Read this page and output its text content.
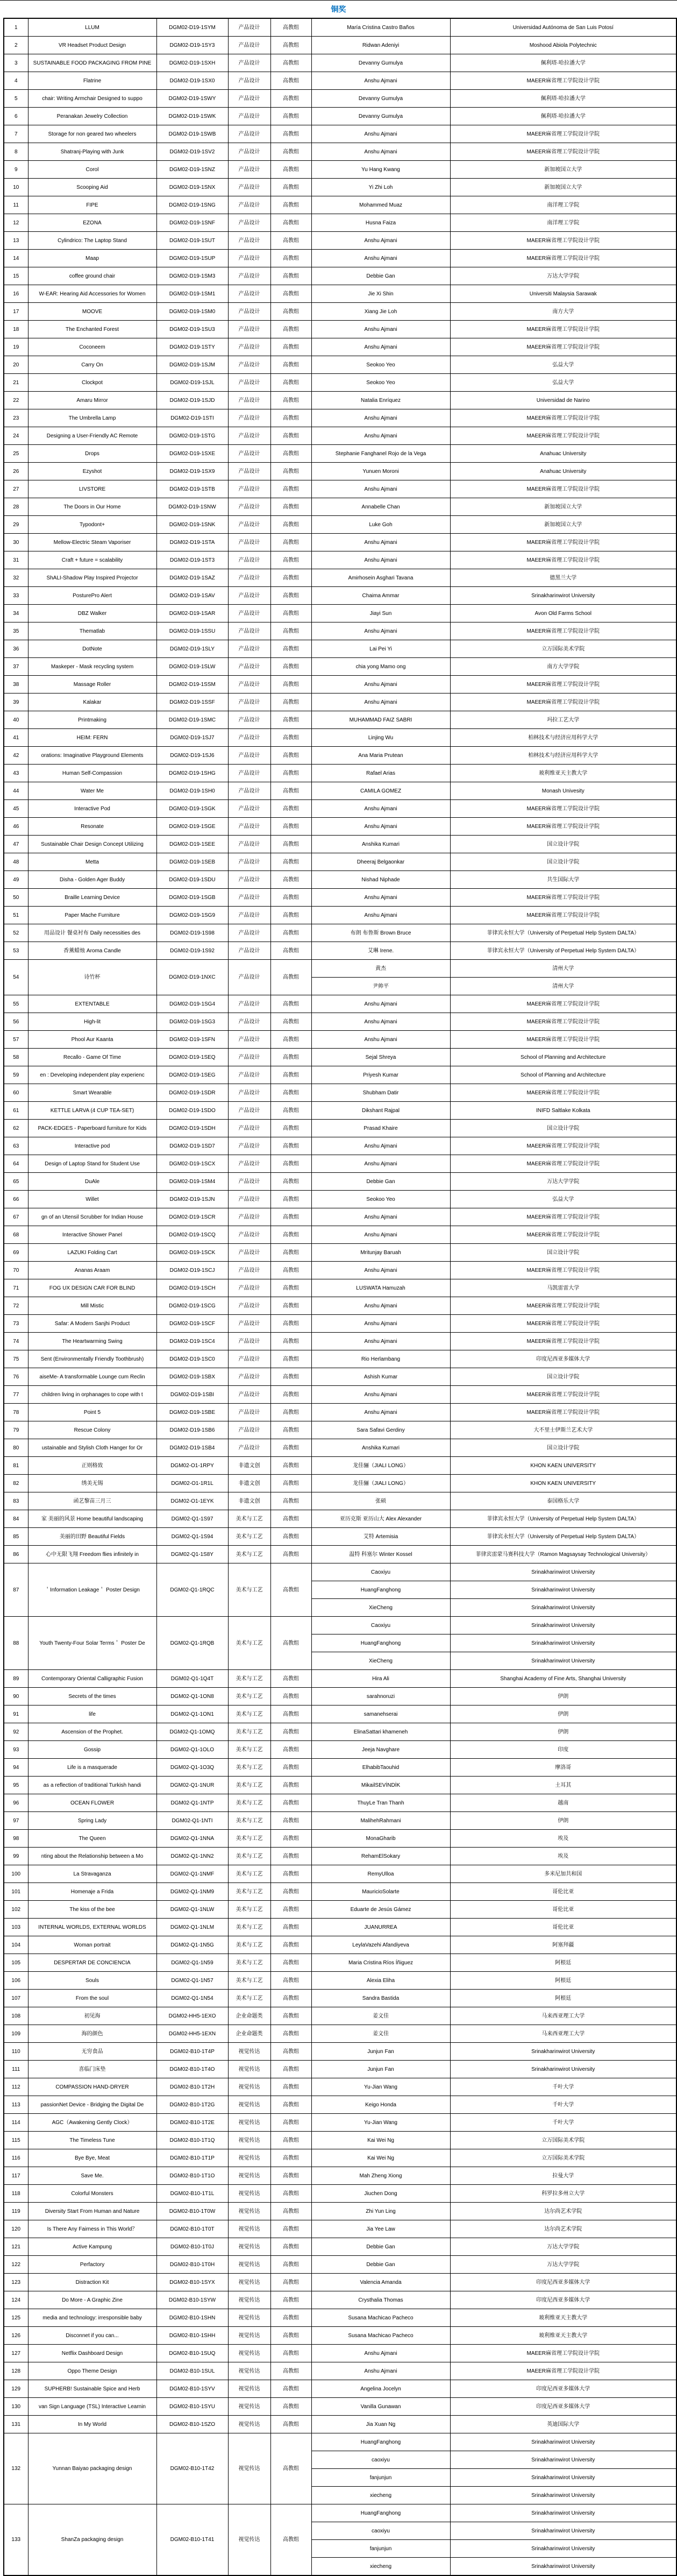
铜奖
1	LLUM	DGM02-D19-1SYM	产品设计	高教组	María Cristina Castro Baños	Universidad Autónoma de San Luis Potosí
2	VR Headset Product Design	DGM02-D19-1SY3	产品设计	高教组	Ridwan Adeniyi	Moshood Abiola Polytechnic
3	SUSTAINABLE FOOD PACKAGING FROM PINE	DGM02-D19-1SXH	产品设计	高教组	Devanny Gumulya	佩利塔·哈拉潘大学
4	Flatrine	DGM02-D19-1SX0	产品设计	高教组	Anshu Ajmani	MAEER麻省理工学院设计学院
5	chair: Writing Armchair Designed to suppo	DGM02-D19-1SWY	产品设计	高教组	Devanny Gumulya	佩利塔·哈拉潘大学
6	Peranakan Jewelry Collection	DGM02-D19-1SWK	产品设计	高教组	Devanny Gumulya	佩利塔·哈拉潘大学
7	Storage for non geared two wheelers	DGM02-D19-1SWB	产品设计	高教组	Anshu Ajmani	MAEER麻省理工学院设计学院
8	Shatranj-Playing with Junk	DGM02-D19-1SV2	产品设计	高教组	Anshu Ajmani	MAEER麻省理工学院设计学院
9	Corol	DGM02-D19-1SNZ	产品设计	高教组	Yu Hang Kwang	新加坡国立大学
10	Scooping Aid	DGM02-D19-1SNX	产品设计	高教组	Yi Zhi Loh	新加坡国立大学
11	FIPE	DGM02-D19-1SNG	产品设计	高教组	Mohammed Muaz	南洋理工学院
12	EZONA	DGM02-D19-1SNF	产品设计	高教组	Husna Faiza	南洋理工学院
13	Cylindrico: The Laptop Stand	DGM02-D19-1SUT	产品设计	高教组	Anshu Ajmani	MAEER麻省理工学院设计学院
14	Maap	DGM02-D19-1SUP	产品设计	高教组	Anshu Ajmani	MAEER麻省理工学院设计学院
15	coffee ground chair	DGM02-D19-1SM3	产品设计	高教组	Debbie Gan	万达大学学院
16	W-EAR: Hearing Aid Accessories for Women	DGM02-D19-1SM1	产品设计	高教组	Jie Xi Shin	Universiti Malaysia Sarawak
17	MOOVE	DGM02-D19-1SM0	产品设计	高教组	Xiang Jie Loh	南方大学
18	The Enchanted Forest	DGM02-D19-1SU3	产品设计	高教组	Anshu Ajmani	MAEER麻省理工学院设计学院
19	Coconeem	DGM02-D19-1STY	产品设计	高教组	Anshu Ajmani	MAEER麻省理工学院设计学院
20	Carry On	DGM02-D19-1SJM	产品设计	高教组	Seokoo Yeo	弘益大学
21	Clockpot	DGM02-D19-1SJL	产品设计	高教组	Seokoo Yeo	弘益大学
22	Amaru Mirror	DGM02-D19-1SJD	产品设计	高教组	Natalia Enríquez	Universidad de Narino
23	The Umbrella Lamp	DGM02-D19-1STI	产品设计	高教组	Anshu Ajmani	MAEER麻省理工学院设计学院
24	Designing a User-Friendly AC Remote	DGM02-D19-1STG	产品设计	高教组	Anshu Ajmani	MAEER麻省理工学院设计学院
25	Drops	DGM02-D19-1SXE	产品设计	高教组	Stephanie Fanghanel Rojo de la Vega	Anahuac University
26	Ezyshot	DGM02-D19-1SX9	产品设计	高教组	Yunuen Moroni	Anahuac University
27	LIVSTORE	DGM02-D19-1STB	产品设计	高教组	Anshu Ajmani	MAEER麻省理工学院设计学院
28	The Doors in Our Home	DGM02-D19-1SNW	产品设计	高教组	Annabelle Chan	新加坡国立大学
29	Typodont+	DGM02-D19-1SNK	产品设计	高教组	Luke Goh	新加坡国立大学
30	Mellow-Electric Steam Vaporiser	DGM02-D19-1STA	产品设计	高教组	Anshu Ajmani	MAEER麻省理工学院设计学院
31	Craft + future = scalability	DGM02-D19-1ST3	产品设计	高教组	Anshu Ajmani	MAEER麻省理工学院设计学院
32	ShALI-Shadow Play Inspired Projector	DGM02-D19-1SAZ	产品设计	高教组	Amirhosein Asghari Tavana	德黑兰大学
33	PosturePro Alert	DGM02-D19-1SAV	产品设计	高教组	Chaima Ammar	Srinakharinwirot University
34	DBZ Walker	DGM02-D19-1SAR	产品设计	高教组	Jiayi Sun	Avon Old Farms School
35	Thematlab	DGM02-D19-1SSU	产品设计	高教组	Anshu Ajmani	MAEER麻省理工学院设计学院
36	DotNote	DGM02-D19-1SLY	产品设计	高教组	Lai Pei Yi	立万国际美术学院
37	Maskeper - Mask recycling system	DGM02-D19-1SLW	产品设计	高教组	chia yong Mamo ong	南方大学学院
38	Massage Roller	DGM02-D19-1SSM	产品设计	高教组	Anshu Ajmani	MAEER麻省理工学院设计学院
39	Kalakar	DGM02-D19-1SSF	产品设计	高教组	Anshu Ajmani	MAEER麻省理工学院设计学院
40	Printmaking	DGM02-D19-1SMC	产品设计	高教组	MUHAMMAD FAIZ SABRI	玛拉工艺大学
41	HEIM: FERN	DGM02-D19-1SJ7	产品设计	高教组	Linjing Wu	柏林技术与经济应用科学大学
42	orations: Imaginative Playground Elements	DGM02-D19-1SJ6	产品设计	高教组	Ana Maria Prutean	柏林技术与经济应用科学大学
43	Human Self-Compassion	DGM02-D19-1SHG	产品设计	高教组	Rafael Arias	玻利维亚天主教大学
44	Water Me	DGM02-D19-1SH0	产品设计	高教组	CAMILA GOMEZ	Monash Univesity
45	Interactive Pod	DGM02-D19-1SGK	产品设计	高教组	Anshu Ajmani	MAEER麻省理工学院设计学院
46	Resonate	DGM02-D19-1SGE	产品设计	高教组	Anshu Ajmani	MAEER麻省理工学院设计学院
47	Sustainable Chair Design Concept Utilizing	DGM02-D19-1SEE	产品设计	高教组	Anshika Kumari	国立设计学院
48	Metta	DGM02-D19-1SEB	产品设计	高教组	Dheeraj Belgaonkar	国立设计学院
49	Disha - Golden Ager Buddy	DGM02-D19-1SDU	产品设计	高教组	Nishad Niphade	共生国际大学
50	Braille Learning Device	DGM02-D19-1SGB	产品设计	高教组	Anshu Ajmani	MAEER麻省理工学院设计学院
51	Paper Mache Furniture	DGM02-D19-1SG9	产品设计	高教组	Anshu Ajmani	MAEER麻省理工学院设计学院
52	用品设计 餐桌衬布 Daily necessities des	DGM02-D19-1S98	产品设计	高教组	布朗 布鲁斯 Brown Bruce	菲律宾永恒大学（University of Perpetual Help System DALTA）
53	香薰蜡烛 Aroma Candle	DGM02-D19-1S92	产品设计	高教组	艾琳 Irene.	菲律宾永恒大学（University of Perpetual Help System DALTA）
54	诗竹杯	DGM02-D19-1NXC	产品设计	高教组	黄杰	清州大学
					尹帅平	清州大学
55	EXTENTABLE	DGM02-D19-1SG4	产品设计	高教组	Anshu Ajmani	MAEER麻省理工学院设计学院
56	High-lit	DGM02-D19-1SG3	产品设计	高教组	Anshu Ajmani	MAEER麻省理工学院设计学院
57	Phool Aur Kaanta	DGM02-D19-1SFN	产品设计	高教组	Anshu Ajmani	MAEER麻省理工学院设计学院
58	Recallo - Game Of Time	DGM02-D19-1SEQ	产品设计	高教组	Sejal Shreya	School of Planning and Architecture
59	en : Developing independent play experienc	DGM02-D19-1SEG	产品设计	高教组	Priyesh Kumar	School of Planning and Architecture
60	Smart Wearable	DGM02-D19-1SDR	产品设计	高教组	Shubham Datir	MAEER麻省理工学院设计学院
61	KETTLE LARVA (4 CUP TEA-SET)	DGM02-D19-1SDO	产品设计	高教组	Dikshant Rajpal	INIFD Saltlake Kolkata
62	PACK-EDGES - Paperboard furniture for Kids	DGM02-D19-1SDH	产品设计	高教组	Prasad Khaire	国立设计学院
63	Interactive pod	DGM02-D19-1SD7	产品设计	高教组	Anshu Ajmani	MAEER麻省理工学院设计学院
64	Design of Laptop Stand for Student Use	DGM02-D19-1SCX	产品设计	高教组	Anshu Ajmani	MAEER麻省理工学院设计学院
65	DuAle	DGM02-D19-1SM4	产品设计	高教组	Debbie Gan	万达大学学院
66	Willet	DGM02-D19-1SJN	产品设计	高教组	Seokoo Yeo	弘益大学
67	gn of an Utensil Scrubber for Indian House	DGM02-D19-1SCR	产品设计	高教组	Anshu Ajmani	MAEER麻省理工学院设计学院
68	Interactive Shower Panel	DGM02-D19-1SCQ	产品设计	高教组	Anshu Ajmani	MAEER麻省理工学院设计学院
69	LAZUKI Folding Cart	DGM02-D19-1SCK	产品设计	高教组	Mritunjay Baruah	国立设计学院
70	Ananas Araam	DGM02-D19-1SCJ	产品设计	高教组	Anshu Ajmani	MAEER麻省理工学院设计学院
71	FOG UX DESIGN CAR FOR BLIND	DGM02-D19-1SCH	产品设计	高教组	LUSWATA Hamuzah	马凯雷雷大学
72	Mill Mistic	DGM02-D19-1SCG	产品设计	高教组	Anshu Ajmani	MAEER麻省理工学院设计学院
73	Safar: A Modern Sanjhi Product	DGM02-D19-1SCF	产品设计	高教组	Anshu Ajmani	MAEER麻省理工学院设计学院
74	The Heartwarming Swing	DGM02-D19-1SC4	产品设计	高教组	Anshu Ajmani	MAEER麻省理工学院设计学院
75	Sent (Environmentally Friendly Toothbrush)	DGM02-D19-1SC0	产品设计	高教组	Rio Herlambang	印度尼西亚多媒体大学
76	aiseMe- A transformable Lounge cum Reclin	DGM02-D19-1SBX	产品设计	高教组	Ashish Kumar	国立设计学院
77	children living in orphanages to cope with t	DGM02-D19-1SBI	产品设计	高教组	Anshu Ajmani	MAEER麻省理工学院设计学院
78	Point 5	DGM02-D19-1SBE	产品设计	高教组	Anshu Ajmani	MAEER麻省理工学院设计学院
79	Rescue Colony	DGM02-D19-1SB6	产品设计	高教组	Sara Safavi Gerdiny	大不里士伊斯兰艺术大学
80	ustainable and Stylish Cloth Hanger for Or	DGM02-D19-1SB4	产品设计	高教组	Anshika Kumari	国立设计学院
81	正则格致	DGM02-O1-1RPY	非遗文创	高教组	龙佳骊（JIALI LONG）	KHON KAEN UNIVERSITY
82	绣美无锡	DGM02-O1-1R1L	非遗文创	高教组	龙佳骊（JIALI LONG）	KHON KAEN UNIVERSITY
83	函艺黎苗三月三	DGM02-O1-1EYK	非遗文创	高教组	张硕	泰国格乐大学
84	家 美丽的风景 Home beautiful landscaping	DGM02-Q1-1S97	美术与工艺	高教组	亚历克斯 亚历山大 Alex Alexander	菲律宾永恒大学（University of Perpetual Help System DALTA）
85	美丽的田野 Beautiful Fields	DGM02-Q1-1S94	美术与工艺	高教组	艾特 Artemisia	菲律宾永恒大学（University of Perpetual Help System DALTA）
86	心中无限飞翔 Freedom flies infinitely in	DGM02-Q1-1S8Y	美术与工艺	高教组	温特 科塞尔 Winter Kossel	菲律宾雷蒙马赛科技大学（Ramon Magsaysay Technological University）
87	＇Information Leakage＇ Poster Design	DGM02-Q1-1RQC	美术与工艺	高教组	Caoxiyu	Srinakharinwirot University
					HuangFanghong	Srinakharinwirot University
					XieCheng	Srinakharinwirot University
88	Youth Twenty-Four Solar Terms＇ Poster De	DGM02-Q1-1RQB	美术与工艺	高教组	Caoxiyu	Srinakharinwirot University
					HuangFanghong	Srinakharinwirot University
					XieCheng	Srinakharinwirot University
89	Contemporary Oriental Calligraphic Fusion	DGM02-Q1-1Q4T	美术与工艺	高教组	Hira Ali	Shanghai Academy of Fine Arts, Shanghai University
90	Secrets of the times	DGM02-Q1-1ON8	美术与工艺	高教组	sarahnoruzi	伊朗
91	life	DGM02-Q1-1ON1	美术与工艺	高教组	samanehserai	伊朗
92	Ascension of the Prophet.	DGM02-Q1-1OMQ	美术与工艺	高教组	ElinaSattari khameneh	伊朗
93	Gossip	DGM02-Q1-1OLO	美术与工艺	高教组	Jeeja Navghare	印度
94	Life is a masquerade	DGM02-Q1-1O3Q	美术与工艺	高教组	ElhabibTaouhid	摩洛哥
95	as a reflection of traditional Turkish handi	DGM02-Q1-1NUR	美术与工艺	高教组	MikailSEVİNDİK	土耳其
96	OCEAN FLOWER	DGM02-Q1-1NTP	美术与工艺	高教组	ThuyLe Tran Thanh	越南
97	Spring Lady	DGM02-Q1-1NTI	美术与工艺	高教组	MalihehRahmani	伊朗
98	The Queen	DGM02-Q1-1NNA	美术与工艺	高教组	MonaGharib	埃及
99	nting about the Relationship between a Mo	DGM02-Q1-1NN2	美术与工艺	高教组	RehamElSokary	埃及
100	La Stravaganza	DGM02-Q1-1NMF	美术与工艺	高教组	RemyUlloa	多米尼加共和国
101	Homenaje a Frida	DGM02-Q1-1NM9	美术与工艺	高教组	MauricioSolarte	哥伦比亚
102	The kiss of the bee	DGM02-Q1-1NLW	美术与工艺	高教组	Eduarte de Jesús Gámez	哥伦比亚
103	INTERNAL WORLDS, EXTERNAL WORLDS	DGM02-Q1-1NLM	美术与工艺	高教组	JUANURREA	哥伦比亚
104	Woman portrait	DGM02-Q1-1N5G	美术与工艺	高教组	LeylaVazehi Afandiyeva	阿塞拜疆
105	DESPERTAR DE CONCIENCIA	DGM02-Q1-1N59	美术与工艺	高教组	Maria Cristina Ríos Íñiguez	阿根廷
106	Souls	DGM02-Q1-1N57	美术与工艺	高教组	Alexia Eliha	阿根廷
107	From the soul	DGM02-Q1-1N54	美术与工艺	高教组	Sandra Bastida	阿根廷
108	初见海	DGM02-HH5-1EXO	企业命题类	高教组	姜文佳	马来西亚理工大学
109	海的颜色	DGM02-HH5-1EXN	企业命题类	高教组	姜文佳	马来西亚理工大学
110	无穷食品	DGM02-B10-1T4P	视觉传达	高教组	Junjun Fan	Srinakharinwirot University
111	喜临门床垫	DGM02-B10-1T4O	视觉传达	高教组	Junjun Fan	Srinakharinwirot University
112	COMPASSION HAND-DRYER	DGM02-B10-1T2H	视觉传达	高教组	Yu-Jian Wang	千叶大学
113	passionNet Device - Bridging the Digital De	DGM02-B10-1T2G	视觉传达	高教组	Keigo Honda	千叶大学
114	AGC（Awakening Gently Clock）	DGM02-B10-1T2E	视觉传达	高教组	Yu-Jian Wang	千叶大学
115	The Timeless Tune	DGM02-B10-1T1Q	视觉传达	高教组	Kai Wei Ng	立万国际美术学院
116	Bye Bye, Meat	DGM02-B10-1T1P	视觉传达	高教组	Kai Wei Ng	立万国际美术学院
117	Save Me.	DGM02-B10-1T1O	视觉传达	高教组	Mah Zheng Xiong	拉曼大学
118	Colorful Monsters	DGM02-B10-1T1L	视觉传达	高教组	Jiuchen Dong	科罗拉多州立大学
119	Diversity Start From Human and Nature	DGM02-B10-1T0W	视觉传达	高教组	Zhi Yun Ling	达尔尚艺术学院
120	Is There Any Fairness in This World？	DGM02-B10-1T0T	视觉传达	高教组	Jia Yee Law	达尔尚艺术学院
121	Active Kampung	DGM02-B10-1T0J	视觉传达	高教组	Debbie Gan	万达大学学院
122	Perfactory	DGM02-B10-1T0H	视觉传达	高教组	Debbie Gan	万达大学学院
123	Distraction Kit	DGM02-B10-1SYX	视觉传达	高教组	Valencia Amanda	印度尼西亚多媒体大学
124	Do More - A Graphic Zine	DGM02-B10-1SYW	视觉传达	高教组	Crysthalia Thomas	印度尼西亚多媒体大学
125	media and technology: irresponsible baby	DGM02-B10-1SHN	视觉传达	高教组	Susana Machicao Pacheco	玻利维亚天主教大学
126	Disconnet if you can...	DGM02-B10-1SHH	视觉传达	高教组	Susana Machicao Pacheco	玻利维亚天主教大学
127	Netflix Dashboard Design	DGM02-B10-1SUQ	视觉传达	高教组	Anshu Ajmani	MAEER麻省理工学院设计学院
128	Oppo Theme Design	DGM02-B10-1SUL	视觉传达	高教组	Anshu Ajmani	MAEER麻省理工学院设计学院
129	SUPHERB! Sustainable Spice and Herb	DGM02-B10-1SYV	视觉传达	高教组	Angelina Jocelyn	印度尼西亚多媒体大学
130	van Sign Language (TSL) Interactive Learnin	DGM02-B10-1SYU	视觉传达	高教组	Vanilla Gunawan	印度尼西亚多媒体大学
131	In My World	DGM02-B10-1SZO	视觉传达	高教组	Jia Xuan Ng	英迪国际大学
132	Yunnan Baiyao packaging design	DGM02-B10-1T42	视觉传达	高教组	HuangFanghong	Srinakharinwirot University
					caoxiyu	Srinakharinwirot University
					fanjunjun	Srinakharinwirot University
					xiecheng	Srinakharinwirot University
133	ShanZa packaging design	DGM02-B10-1T41	视觉传达	高教组	HuangFanghong	Srinakharinwirot University
					caoxiyu	Srinakharinwirot University
					fanjunjun	Srinakharinwirot University
					xiecheng	Srinakharinwirot University
